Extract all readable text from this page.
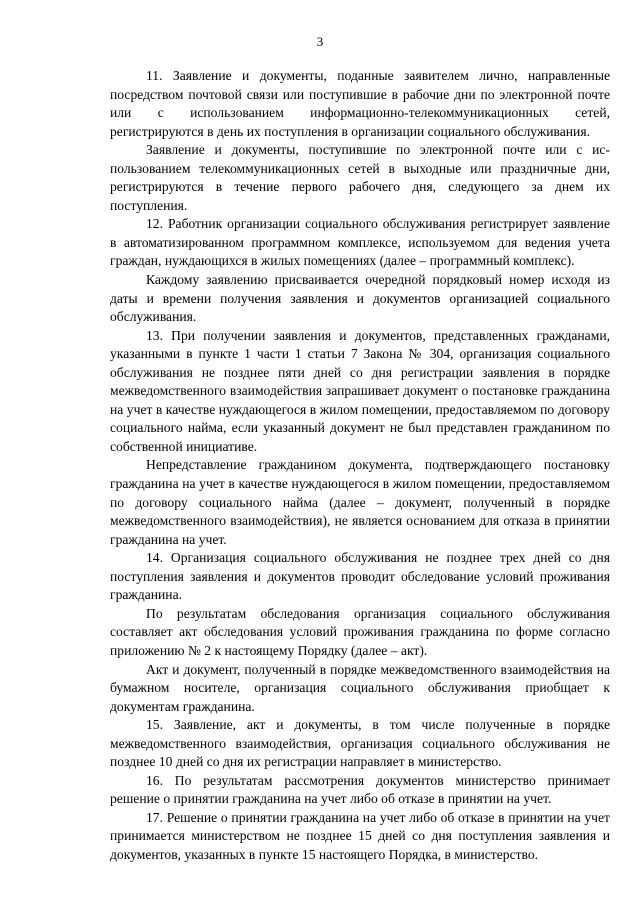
3

11. Заявление и документы, поданные заявителем лично, направленные посредством почтовой связи или поступившие в рабочие дни по электронной почте или с использованием информационно-телекоммуникационных сетей, регистрируются в день их поступления в организации социального обслуживания.

Заявление и документы, поступившие по электронной почте или с использованием телекоммуникационных сетей в выходные или праздничные дни, регистрируются в течение первого рабочего дня, следующего за днем их поступления.

12. Работник организации социального обслуживания регистрирует заявление в автоматизированном программном комплексе, используемом для ведения учета граждан, нуждающихся в жилых помещениях (далее – программный комплекс).

Каждому заявлению присваивается очередной порядковый номер исходя из даты и времени получения заявления и документов организацией социального обслуживания.

13. При получении заявления и документов, представленных гражданами, указанными в пункте 1 части 1 статьи 7 Закона № 304, организация социального обслуживания не позднее пяти дней со дня регистрации заявления в порядке межведомственного взаимодействия запрашивает документ о постановке гражданина на учет в качестве нуждающегося в жилом помещении, предоставляемом по договору социального найма, если указанный документ не был представлен гражданином по собственной инициативе.

Непредставление гражданином документа, подтверждающего постановку гражданина на учет в качестве нуждающегося в жилом помещении, предоставляемом по договору социального найма (далее – документ, полученный в порядке межведомственного взаимодействия), не является основанием для отказа в принятии гражданина на учет.

14. Организация социального обслуживания не позднее трех дней со дня поступления заявления и документов проводит обследование условий проживания гражданина.

По результатам обследования организация социального обслуживания составляет акт обследования условий проживания гражданина по форме согласно приложению № 2 к настоящему Порядку (далее – акт).

Акт и документ, полученный в порядке межведомственного взаимодействия на бумажном носителе, организация социального обслуживания приобщает к документам гражданина.

15. Заявление, акт и документы, в том числе полученные в порядке межведомственного взаимодействия, организация социального обслуживания не позднее 10 дней со дня их регистрации направляет в министерство.

16. По результатам рассмотрения документов министерство принимает решение о принятии гражданина на учет либо об отказе в принятии на учет.

17. Решение о принятии гражданина на учет либо об отказе в принятии на учет принимается министерством не позднее 15 дней со дня поступления заявления и документов, указанных в пункте 15 настоящего Порядка, в министерство.
